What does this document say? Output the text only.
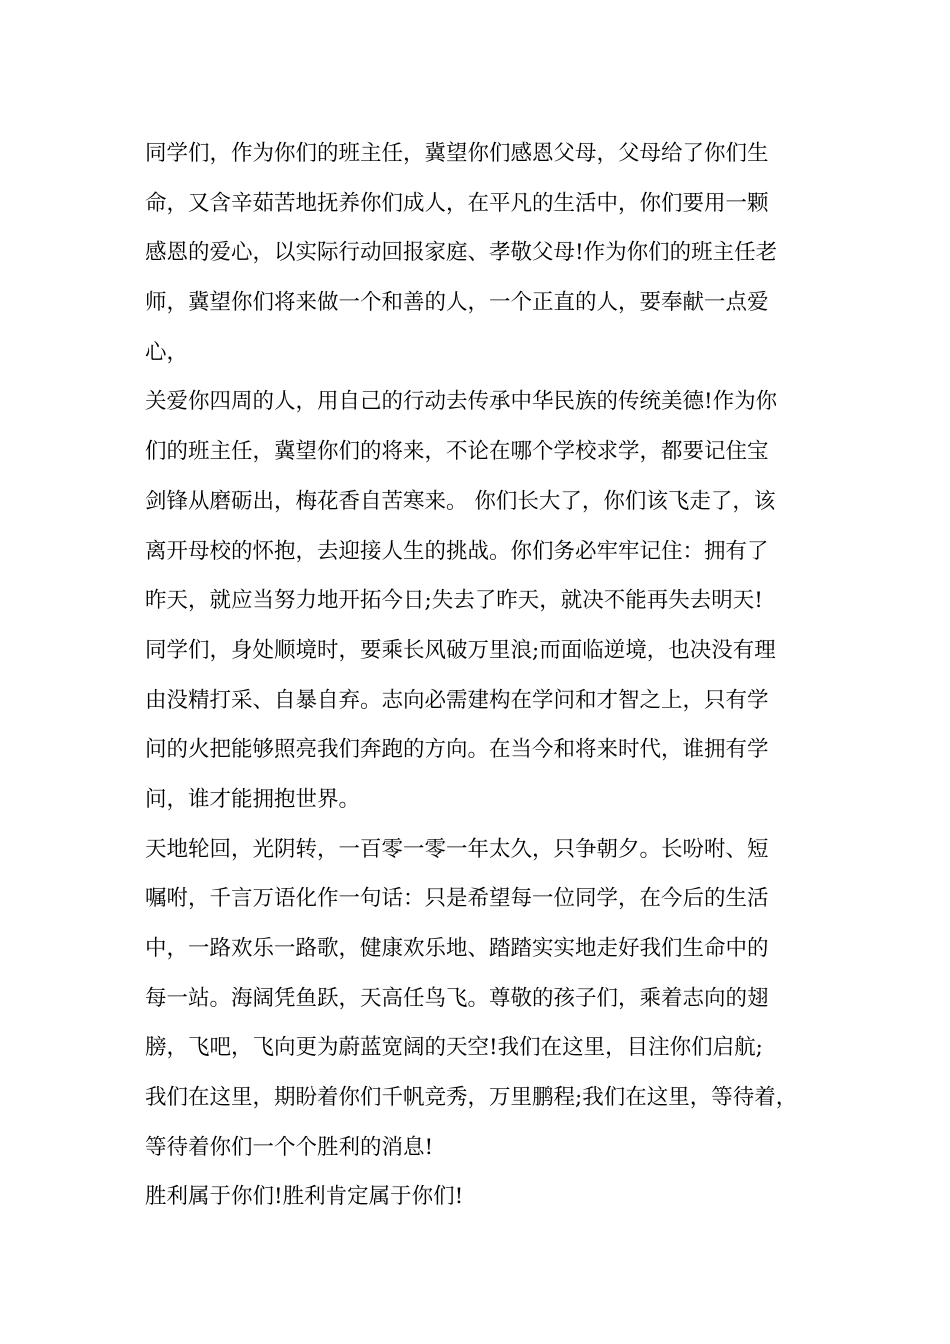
同学们，作为你们的班主任，冀望你们感恩父母，父母给了你们生
命，又含辛茹苦地抚养你们成人，在平凡的生活中，你们要用一颗
感恩的爱心，以实际行动回报家庭、孝敬父母!作为你们的班主任老
师，冀望你们将来做一个和善的人，一个正直的人，要奉献一点爱
心，
关爱你四周的人，用自己的行动去传承中华民族的传统美德!作为你
们的班主任，冀望你们的将来，不论在哪个学校求学，都要记住宝
剑锋从磨砺出，梅花香自苦寒来。 你们长大了，你们该飞走了，该
离开母校的怀抱，去迎接人生的挑战。你们务必牢牢记住：拥有了
昨天，就应当努力地开拓今日;失去了昨天，就决不能再失去明天!
同学们，身处顺境时，要乘长风破万里浪;而面临逆境，也决没有理
由没精打采、自暴自弃。志向必需建构在学问和才智之上，只有学
问的火把能够照亮我们奔跑的方向。在当今和将来时代，谁拥有学
问，谁才能拥抱世界。
天地轮回，光阴转，一百零一零一年太久，只争朝夕。长吩咐、短
嘱咐，千言万语化作一句话：只是希望每一位同学，在今后的生活
中，一路欢乐一路歌，健康欢乐地、踏踏实实地走好我们生命中的
每一站。海阔凭鱼跃，天高任鸟飞。尊敬的孩子们，乘着志向的翅
膀，飞吧，飞向更为蔚蓝宽阔的天空!我们在这里，目注你们启航;
我们在这里，期盼着你们千帆竞秀，万里鹏程;我们在这里，等待着，
等待着你们一个个胜利的消息!
胜利属于你们!胜利肯定属于你们!
